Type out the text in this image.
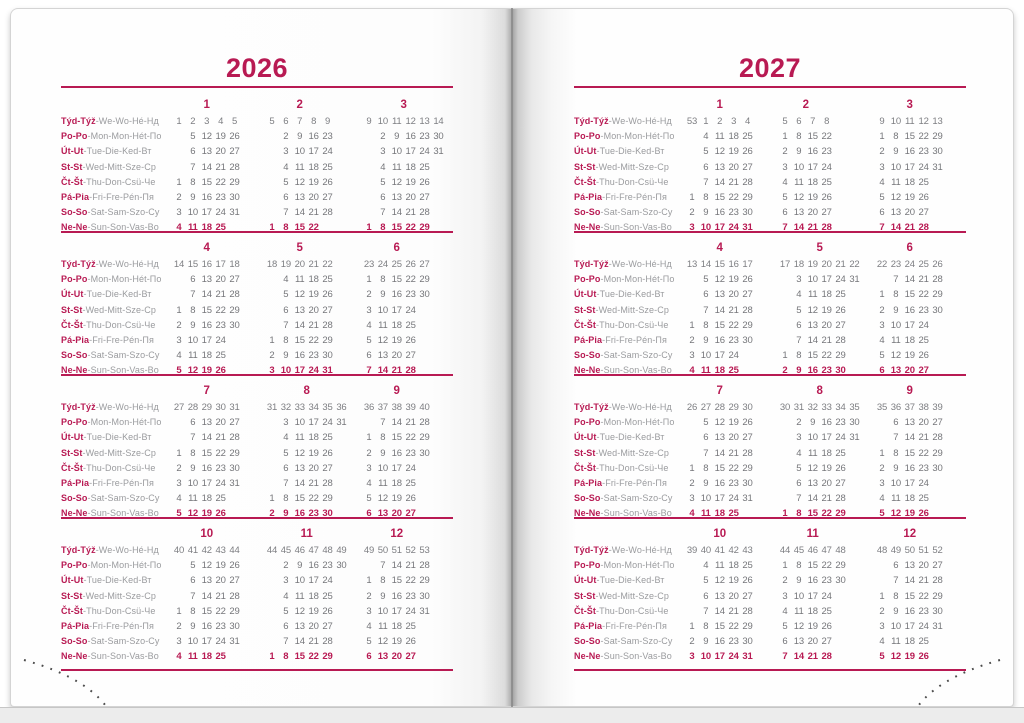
2026
Týd-Týž-We-Wo-Hé-Нд
Po-Po-Mon-Mon-Hét-По
Út-Ut-Tue-Die-Ked-Вт
St-St-Wed-Mitt-Sze-Ср
Čt-Št-Thu-Don-Csü-Че
Pá-Pia-Fri-Fre-Pén-Пя
So-So-Sat-Sam-Szo-Су
Ne-Ne-Sun-Son-Vas-Во
1
1 2 3 4 5
5 12 19 26
6 13 20 27
7 14 21 28
1 8 15 22 29
2 9 16 23 30
3 10 17 24 31
4 11 18 25
2
5 6 7 8 9
2 9 16 23
3 10 17 24
4 11 18 25
5 12 19 26
6 13 20 27
7 14 21 28
1 8 15 22
3
9 10 11 12 13 14
2 9 16 23 30
3 10 17 24 31
4 11 18 25
5 12 19 26
6 13 20 27
7 14 21 28
1 8 15 22 29
Týd-Týž-We-Wo-Hé-Нд
Po-Po-Mon-Mon-Hét-По
Út-Ut-Tue-Die-Ked-Вт
St-St-Wed-Mitt-Sze-Ср
Čt-Št-Thu-Don-Csü-Че
Pá-Pia-Fri-Fre-Pén-Пя
So-So-Sat-Sam-Szo-Су
Ne-Ne-Sun-Son-Vas-Во
4
14 15 16 17 18
6 13 20 27
7 14 21 28
1 8 15 22 29
2 9 16 23 30
3 10 17 24
4 11 18 25
5 12 19 26
5
18 19 20 21 22
4 11 18 25
5 12 19 26
6 13 20 27
7 14 21 28
1 8 15 22 29
2 9 16 23 30
3 10 17 24 31
6
23 24 25 26 27
1 8 15 22 29
2 9 16 23 30
3 10 17 24
4 11 18 25
5 12 19 26
6 13 20 27
7 14 21 28
Týd-Týž-We-Wo-Hé-Нд
Po-Po-Mon-Mon-Hét-По
Út-Ut-Tue-Die-Ked-Вт
St-St-Wed-Mitt-Sze-Ср
Čt-Št-Thu-Don-Csü-Че
Pá-Pia-Fri-Fre-Pén-Пя
So-So-Sat-Sam-Szo-Су
Ne-Ne-Sun-Son-Vas-Во
7
27 28 29 30 31
6 13 20 27
7 14 21 28
1 8 15 22 29
2 9 16 23 30
3 10 17 24 31
4 11 18 25
5 12 19 26
8
31 32 33 34 35 36
3 10 17 24 31
4 11 18 25
5 12 19 26
6 13 20 27
7 14 21 28
1 8 15 22 29
2 9 16 23 30
9
36 37 38 39 40
7 14 21 28
1 8 15 22 29
2 9 16 23 30
3 10 17 24
4 11 18 25
5 12 19 26
6 13 20 27
Týd-Týž-We-Wo-Hé-Нд
Po-Po-Mon-Mon-Hét-По
Út-Ut-Tue-Die-Ked-Вт
St-St-Wed-Mitt-Sze-Ср
Čt-Št-Thu-Don-Csü-Че
Pá-Pia-Fri-Fre-Pén-Пя
So-So-Sat-Sam-Szo-Су
Ne-Ne-Sun-Son-Vas-Во
10
40 41 42 43 44
5 12 19 26
6 13 20 27
7 14 21 28
1 8 15 22 29
2 9 16 23 30
3 10 17 24 31
4 11 18 25
11
44 45 46 47 48 49
2 9 16 23 30
3 10 17 24
4 11 18 25
5 12 19 26
6 13 20 27
7 14 21 28
1 8 15 22 29
12
49 50 51 52 53
7 14 21 28
1 8 15 22 29
2 9 16 23 30
3 10 17 24 31
4 11 18 25
5 12 19 26
6 13 20 27
2027
Týd-Týž-We-Wo-Hé-Нд
Po-Po-Mon-Mon-Hét-По
Út-Ut-Tue-Die-Ked-Вт
St-St-Wed-Mitt-Sze-Ср
Čt-Št-Thu-Don-Csü-Че
Pá-Pia-Fri-Fre-Pén-Пя
So-So-Sat-Sam-Szo-Су
Ne-Ne-Sun-Son-Vas-Во
1
53 1 2 3 4
4 11 18 25
5 12 19 26
6 13 20 27
7 14 21 28
1 8 15 22 29
2 9 16 23 30
3 10 17 24 31
2
5 6 7 8
1 8 15 22
2 9 16 23
3 10 17 24
4 11 18 25
5 12 19 26
6 13 20 27
7 14 21 28
3
9 10 11 12 13
1 8 15 22 29
2 9 16 23 30
3 10 17 24 31
4 11 18 25
5 12 19 26
6 13 20 27
7 14 21 28
Týd-Týž-We-Wo-Hé-Нд
Po-Po-Mon-Mon-Hét-По
Út-Ut-Tue-Die-Ked-Вт
St-St-Wed-Mitt-Sze-Ср
Čt-Št-Thu-Don-Csü-Че
Pá-Pia-Fri-Fre-Pén-Пя
So-So-Sat-Sam-Szo-Су
Ne-Ne-Sun-Son-Vas-Во
4
13 14 15 16 17
5 12 19 26
6 13 20 27
7 14 21 28
1 8 15 22 29
2 9 16 23 30
3 10 17 24
4 11 18 25
5
17 18 19 20 21 22
3 10 17 24 31
4 11 18 25
5 12 19 26
6 13 20 27
7 14 21 28
1 8 15 22 29
2 9 16 23 30
6
22 23 24 25 26
7 14 21 28
1 8 15 22 29
2 9 16 23 30
3 10 17 24
4 11 18 25
5 12 19 26
6 13 20 27
Týd-Týž-We-Wo-Hé-Нд
Po-Po-Mon-Mon-Hét-По
Út-Ut-Tue-Die-Ked-Вт
St-St-Wed-Mitt-Sze-Ср
Čt-Št-Thu-Don-Csü-Че
Pá-Pia-Fri-Fre-Pén-Пя
So-So-Sat-Sam-Szo-Су
Ne-Ne-Sun-Son-Vas-Во
7
26 27 28 29 30
5 12 19 26
6 13 20 27
7 14 21 28
1 8 15 22 29
2 9 16 23 30
3 10 17 24 31
4 11 18 25
8
30 31 32 33 34 35
2 9 16 23 30
3 10 17 24 31
4 11 18 25
5 12 19 26
6 13 20 27
7 14 21 28
1 8 15 22 29
9
35 36 37 38 39
6 13 20 27
7 14 21 28
1 8 15 22 29
2 9 16 23 30
3 10 17 24
4 11 18 25
5 12 19 26
Týd-Týž-We-Wo-Hé-Нд
Po-Po-Mon-Mon-Hét-По
Út-Ut-Tue-Die-Ked-Вт
St-St-Wed-Mitt-Sze-Ср
Čt-Št-Thu-Don-Csü-Че
Pá-Pia-Fri-Fre-Pén-Пя
So-So-Sat-Sam-Szo-Су
Ne-Ne-Sun-Son-Vas-Во
10
39 40 41 42 43
4 11 18 25
5 12 19 26
6 13 20 27
7 14 21 28
1 8 15 22 29
2 9 16 23 30
3 10 17 24 31
11
44 45 46 47 48
1 8 15 22 29
2 9 16 23 30
3 10 17 24
4 11 18 25
5 12 19 26
6 13 20 27
7 14 21 28
12
48 49 50 51 52
6 13 20 27
7 14 21 28
1 8 15 22 29
2 9 16 23 30
3 10 17 24 31
4 11 18 25
5 12 19 26
